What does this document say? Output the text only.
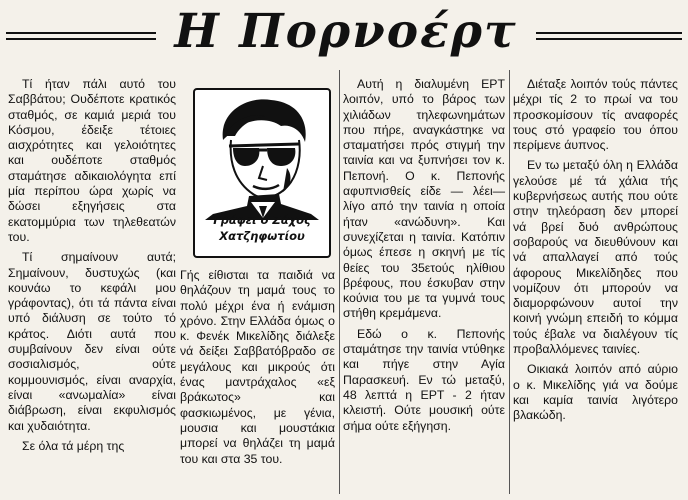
Η Πορνοέρτ

Τί ήταν πάλι αυτό του Σαββάτου; Ουδέποτε κρατικός σταθμός, σε καμιά μεριά του Κόσμου, έδειξε τέτοιες αισχρότητες και γελοιότητες και ουδέποτε σταθμός σταμάτησε αδικαιολόγητα επί μία περίπου ώρα χωρίς να δώσει εξηγήσεις στα εκατομμύρια των τηλεθεατών του.

Τί σημαίνουν αυτά; Σημαίνουν, δυστυχώς (και κουνάω το κεφάλι μου γράφοντας), ότι τά πάντα είναι υπό διάλυση σε τούτο τό κράτος. Διότι αυτά που συμβαίνουν δεν είναι ούτε σοσιαλισμός, ούτε κομμουνισμός, είναι αναρχία, είναι «ανωμαλία» είναι διάβρωση, είναι εκφυλισμός και χυδαιότητα.

Σε όλα τά μέρη της

Γράφει ο Ζάχος
Χατζηφωτίου

Γής είθισται τα παιδιά να θηλάζουν τη μαμά τους το πολύ μέχρι ένα ή ενάμιση χρόνο. Στην Ελλάδα όμως ο κ. Φενέκ Μικελίδης διάλεξε νά δείξει Σαββατόβραδο σε μεγάλους και μικρούς ότι ένας μαντράχαλος «εξ βράκωτος» και φασκιωμένος, με γένια, μουσια και μουστάκια μπορεί να θηλάζει τη μαμά του και στα 35 του.

Αυτή η διαλυμένη ΕΡΤ λοιπόν, υπό το βάρος των χιλιάδων τηλεφωνημάτων που πήρε, αναγκάστηκε να σταματήσει πρός στιγμή την ταινία και να ξυπνήσει τον κ. Πεπονή. Ο κ. Πεπονής αφυπνισθείς είδε — λέει— λίγο από την ταινία η οποία ήταν «ανώδυνη». Και συνεχίζεται η ταινία. Κατόπιν όμως έπεσε η σκηνή με τίς θείες του 35ετούς ηλίθιου βρέφους, που έσκυβαν στην κούνια του με τα γυμνά τους στήθη κρεμάμενα.

Εδώ ο κ. Πεπονής σταμάτησε την ταινία ντύθηκε και πήγε στην Αγία Παρασκευή. Εν τώ μεταξύ, 48 λεπτά η ΕΡΤ - 2 ήταν κλειστή. Ούτε μουσική ούτε σήμα ούτε εξήγηση.

Διέταξε λοιπόν τούς πάντες μέχρι τίς 2 το πρωί να του προσκομίσουν τίς αναφορές τους στό γραφείο του όπου περίμενε άυπνος.

Εν τω μεταξύ όλη η Ελλάδα γελούσε μέ τά χάλια τής κυβερνήσεως αυτής που ούτε στην τηλεόραση δεν μπορεί νά βρεί δυό ανθρώπους σοβαρούς να διευθύνουν και νά απαλλαγεί από τούς άφορους Μικελίδηδες που νομίζουν ότι μπορούν να διαμορφώνουν αυτοί την κοινή γνώμη επειδή το κόμμα τούς έβαλε να διαλέγουν τίς προβαλλόμενες ταινίες.

Οικιακά λοιπόν από αύριο ο κ. Μικελίδης γιά να δούμε και καμία ταινία λιγότερο βλακώδη.
